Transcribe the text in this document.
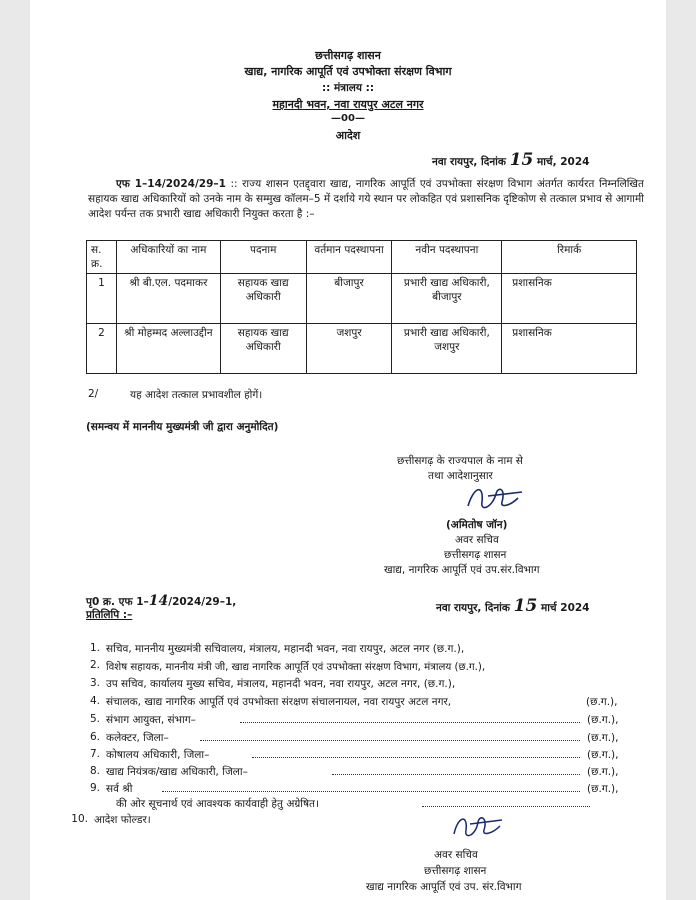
छत्तीसगढ़ शासन
खाद्य, नागरिक आपूर्ति एवं उपभोक्ता संरक्षण विभाग
:: मंत्रालय ::
महानदी भवन, नवा रायपुर अटल नगर
—00—
आदेश
नवा रायपुर, दिनांक 15 मार्च, 2024
एफ 1–14/2024/29–1 :: राज्य शासन एतद्द्वारा खाद्य, नागरिक आपूर्ति एवं उपभोक्ता संरक्षण विभाग अंतर्गत कार्यरत निम्नलिखित सहायक खाद्य अधिकारियों को उनके नाम के सम्मुख कॉलम–5 में दर्शाये गये स्थान पर लोकहित एवं प्रशासनिक दृष्टिकोण से तत्काल प्रभाव से आगामी आदेश पर्यन्त तक प्रभारी खाद्य अधिकारी नियुक्त करता है :–
स. क्र.	अधिकारियों का नाम	पदनाम	वर्तमान पदस्थापना	नवीन पदस्थापना	रिमार्क
1	श्री बी.एल. पदमाकर	सहायक खाद्य अधिकारी	बीजापुर	प्रभारी खाद्य अधिकारी, बीजापुर	प्रशासनिक
2	श्री मोहम्मद अल्लाउद्दीन	सहायक खाद्य अधिकारी	जशपुर	प्रभारी खाद्य अधिकारी, जशपुर	प्रशासनिक
2/	यह आदेश तत्काल प्रभावशील होगें।
(समन्वय में माननीय मुख्यमंत्री जी द्वारा अनुमोदित)
छत्तीसगढ़ के राज्यपाल के नाम से
तथा आदेशानुसार
(अमितोष जॉन)
अवर सचिव
छत्तीसगढ़ शासन
खाद्य, नागरिक आपूर्ति एवं उप.संर.विभाग
पृ0 क्र. एफ 1–14/2024/29–1,
प्रतिलिपि :–
नवा रायपुर, दिनांक 15 मार्च 2024
1. सचिव, माननीय मुख्यमंत्री सचिवालय, मंत्रालय, महानदी भवन, नवा रायपुर, अटल नगर (छ.ग.),
2. विशेष सहायक, माननीय मंत्री जी, खाद्य नागरिक आपूर्ति एवं उपभोक्ता संरक्षण विभाग, मंत्रालय (छ.ग.),
3. उप सचिव, कार्यालय मुख्य सचिव, मंत्रालय, महानदी भवन, नवा रायपुर, अटल नगर, (छ.ग.),
4. संचालक, खाद्य नागरिक आपूर्ति एवं उपभोक्ता संरक्षण संचालनायल, नवा रायपुर अटल नगर,	(छ.ग.),
5. संभाग आयुक्त, संभाग–	(छ.ग.),
6. कलेक्टर, जिला–	(छ.ग.),
7. कोषालय अधिकारी, जिला–	(छ.ग.),
8. खाद्य नियंत्रक/खाद्य अधिकारी, जिला–	(छ.ग.),
9. सर्व श्री	(छ.ग.),
की ओर सूचनार्थ एवं आवश्यक कार्यवाही हेतु अग्रेषित।
10. आदेश फोल्डर।
अवर सचिव
छत्तीसगढ़ शासन
खाद्य नागरिक आपूर्ति एवं उप. संर.विभाग
